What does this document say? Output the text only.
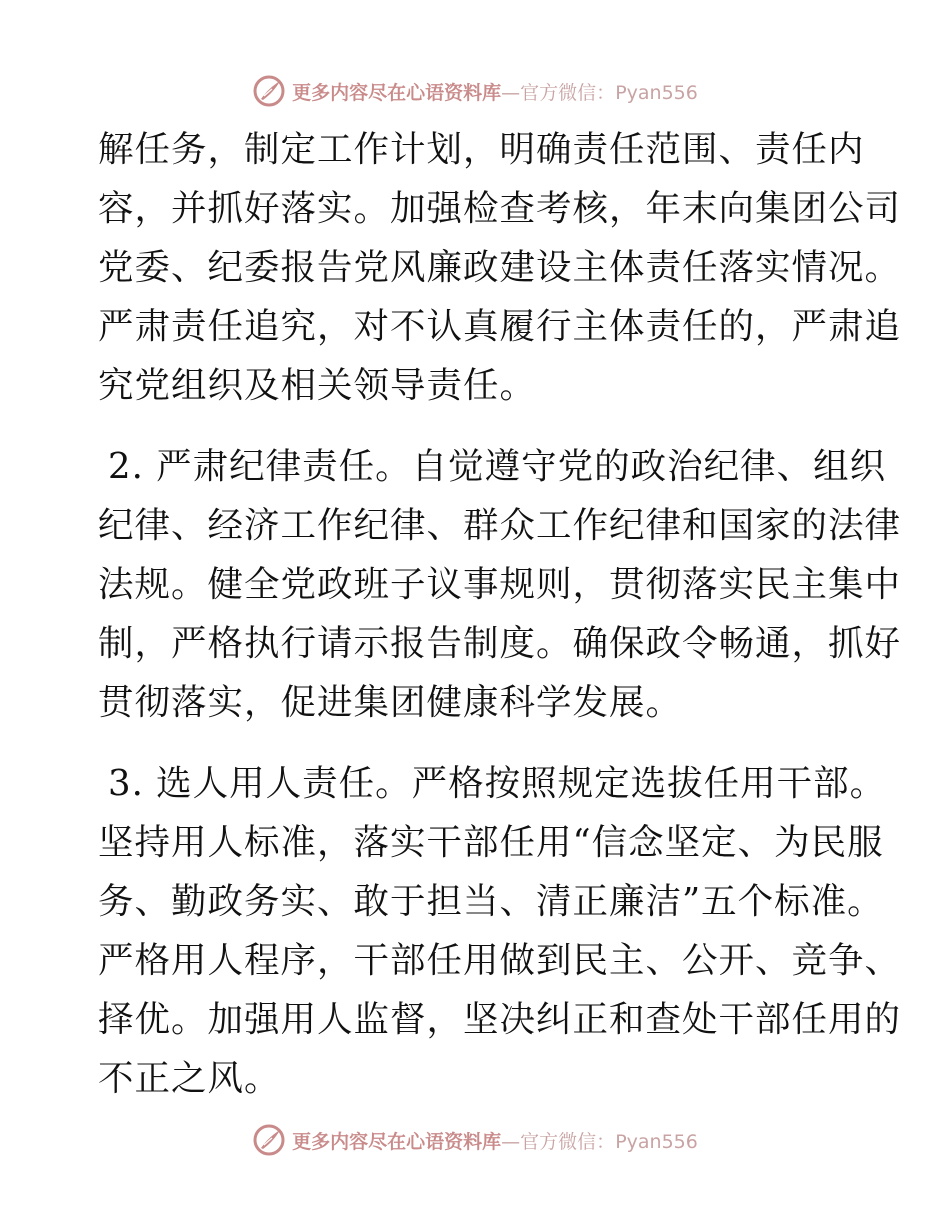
更多内容尽在心语资料库—官方微信：Pyan556
解任务，制定工作计划，明确责任范围、责任内
容，并抓好落实。加强检查考核，年末向集团公司
党委、纪委报告党风廉政建设主体责任落实情况。
严肃责任追究，对不认真履行主体责任的，严肃追
究党组织及相关领导责任。
2. 严肃纪律责任。自觉遵守党的政治纪律、组织
纪律、经济工作纪律、群众工作纪律和国家的法律
法规。健全党政班子议事规则，贯彻落实民主集中
制，严格执行请示报告制度。确保政令畅通，抓好
贯彻落实，促进集团健康科学发展。
3. 选人用人责任。严格按照规定选拔任用干部。
坚持用人标准，落实干部任用“信念坚定、为民服
务、勤政务实、敢于担当、清正廉洁”五个标准。
严格用人程序，干部任用做到民主、公开、竞争、
择优。加强用人监督，坚决纠正和查处干部任用的
不正之风。
更多内容尽在心语资料库—官方微信：Pyan556
